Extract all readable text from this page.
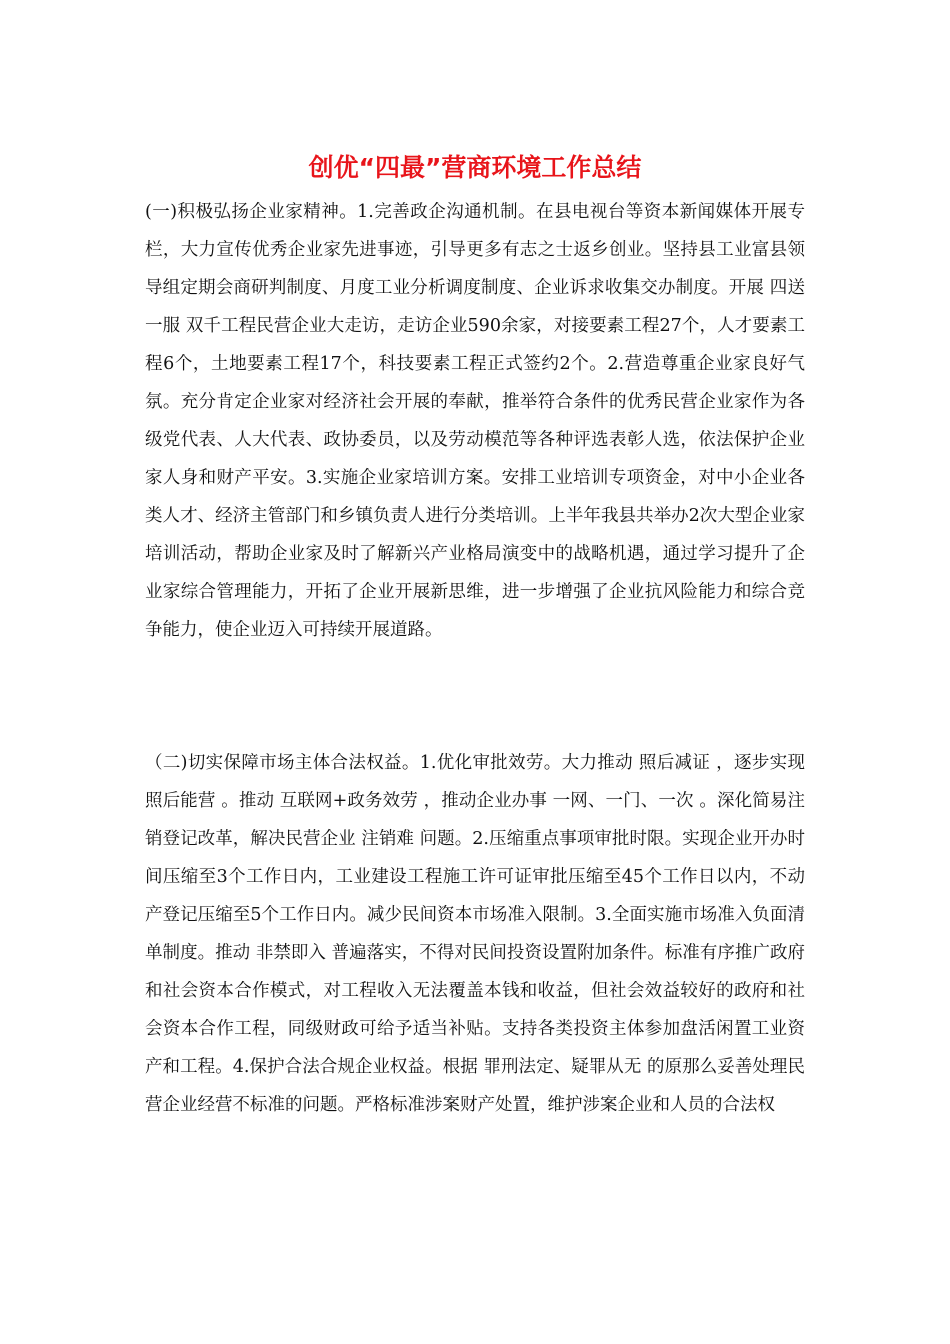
创优“四最”营商环境工作总结

(一)积极弘扬企业家精神。1.完善政企沟通机制。在县电视台等资本新闻媒体开展专栏，大力宣传优秀企业家先进事迹，引导更多有志之士返乡创业。坚持县工业富县领导组定期会商研判制度、月度工业分析调度制度、企业诉求收集交办制度。开展 四送一服 双千工程民营企业大走访，走访企业590余家，对接要素工程27个，人才要素工程6个，土地要素工程17个，科技要素工程正式签约2个。2.营造尊重企业家良好气氛。充分肯定企业家对经济社会开展的奉献，推举符合条件的优秀民营企业家作为各级党代表、人大代表、政协委员，以及劳动模范等各种评选表彰人选，依法保护企业家人身和财产平安。3.实施企业家培训方案。安排工业培训专项资金，对中小企业各类人才、经济主管部门和乡镇负责人进行分类培训。上半年我县共举办2次大型企业家培训活动，帮助企业家及时了解新兴产业格局演变中的战略机遇，通过学习提升了企业家综合管理能力，开拓了企业开展新思维，进一步增强了企业抗风险能力和综合竞争能力，使企业迈入可持续开展道路。

（二)切实保障市场主体合法权益。1.优化审批效劳。大力推动 照后减证 ，逐步实现 照后能营 。推动 互联网+政务效劳 ，推动企业办事 一网、一门、一次 。深化简易注销登记改革，解决民营企业 注销难 问题。2.压缩重点事项审批时限。实现企业开办时间压缩至3个工作日内，工业建设工程施工许可证审批压缩至45个工作日以内，不动产登记压缩至5个工作日内。减少民间资本市场准入限制。3.全面实施市场准入负面清单制度。推动 非禁即入 普遍落实，不得对民间投资设置附加条件。标准有序推广政府和社会资本合作模式，对工程收入无法覆盖本钱和收益，但社会效益较好的政府和社会资本合作工程，同级财政可给予适当补贴。支持各类投资主体参加盘活闲置工业资产和工程。4.保护合法合规企业权益。根据 罪刑法定、疑罪从无 的原那么妥善处理民营企业经营不标准的问题。严格标准涉案财产处置，维护涉案企业和人员的合法权
